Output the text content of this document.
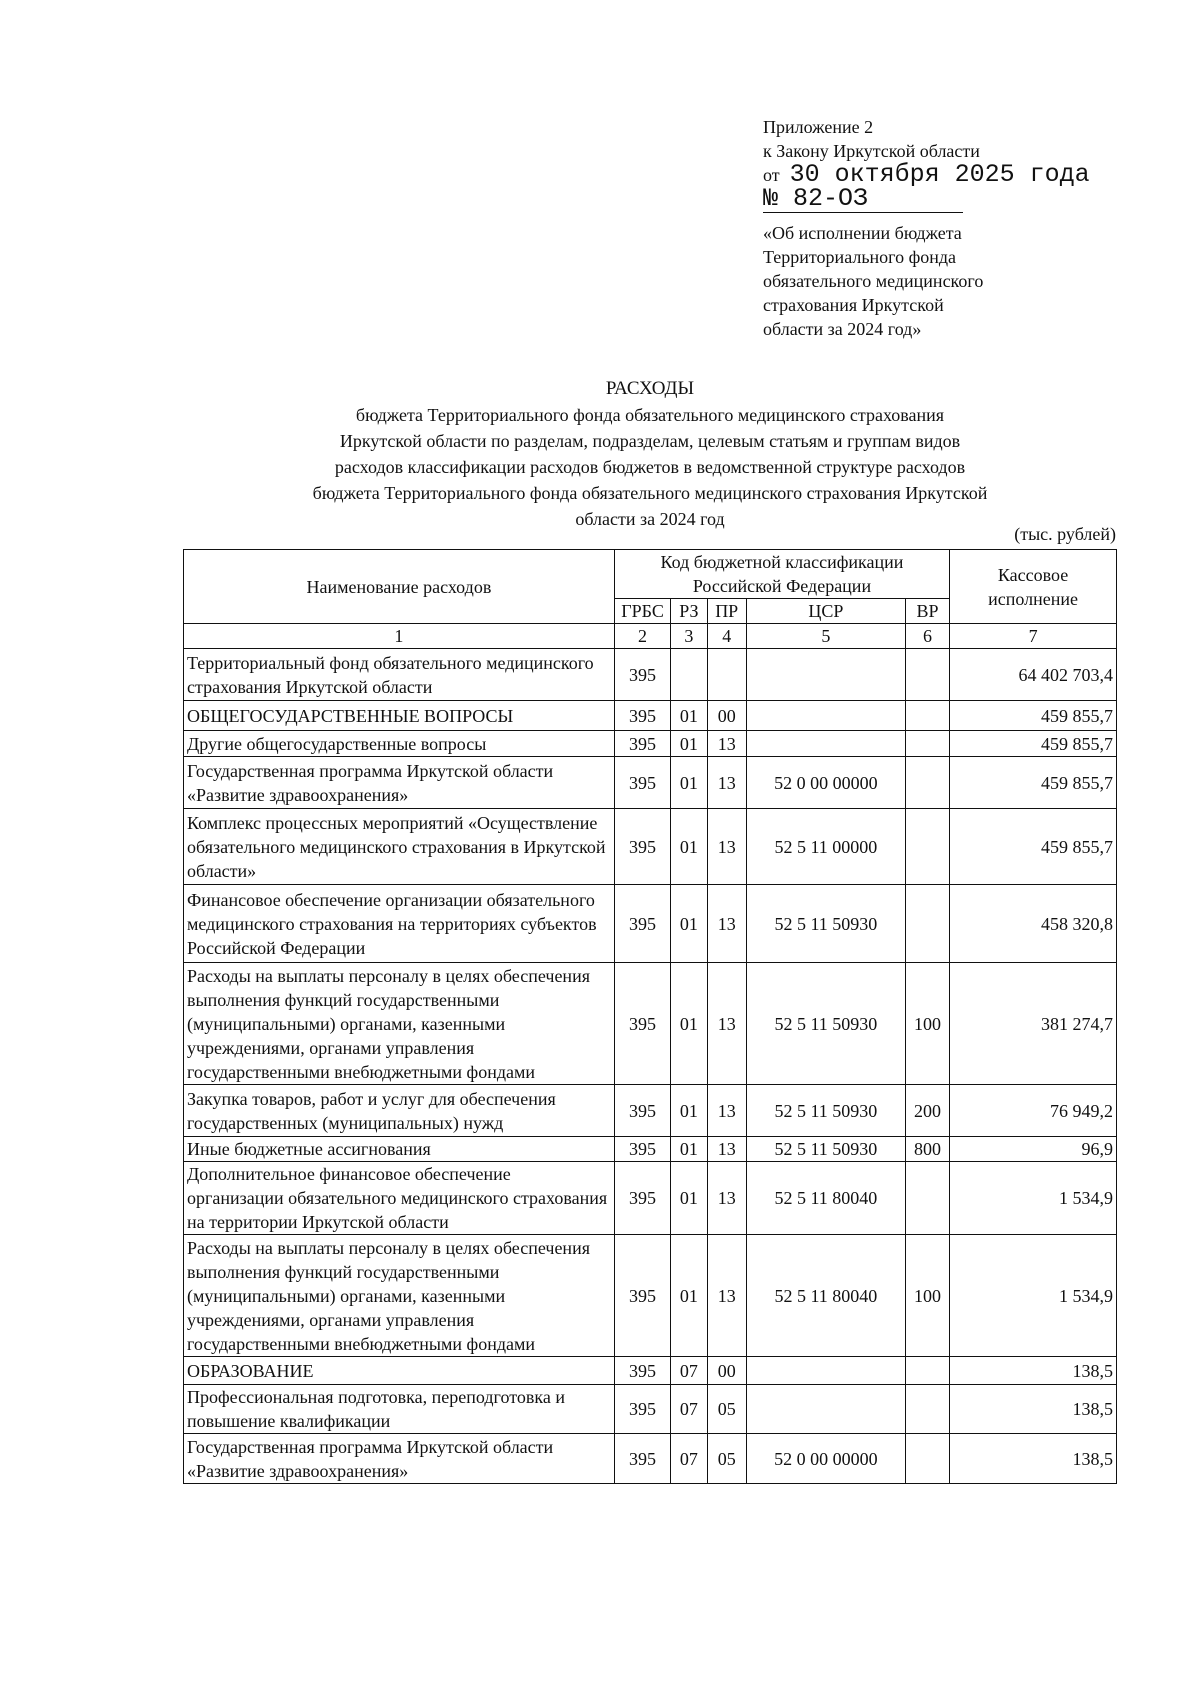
Приложение 2
к Закону Иркутской области
от 30 октября 2025 года
№ 82-ОЗ
«Об исполнении бюджета
Территориального фонда
обязательного медицинского
страхования Иркутской
области за 2024 год»
РАСХОДЫ
бюджета Территориального фонда обязательного медицинского страхования
Иркутской области по разделам, подразделам, целевым статьям и группам видов
расходов классификации расходов бюджетов в ведомственной структуре расходов
бюджета Территориального фонда обязательного медицинского страхования Иркутской
области за 2024 год
(тыс. рублей)
Наименование расходов	Код бюджетной классификации Российской Федерации					Кассовое исполнение
	ГРБС	РЗ	ПР	ЦСР	ВР	
1	2	3	4	5	6	7
Территориальный фонд обязательного медицинского страхования Иркутской области	395					64 402 703,4
ОБЩЕГОСУДАРСТВЕННЫЕ ВОПРОСЫ	395	01	00			459 855,7
Другие общегосударственные вопросы	395	01	13			459 855,7
Государственная программа Иркутской области «Развитие здравоохранения»	395	01	13	52 0 00 00000		459 855,7
Комплекс процессных мероприятий «Осуществление обязательного медицинского страхования в Иркутской области»	395	01	13	52 5 11 00000		459 855,7
Финансовое обеспечение организации обязательного медицинского страхования на территориях субъектов Российской Федерации	395	01	13	52 5 11 50930		458 320,8
Расходы на выплаты персоналу в целях обеспечения выполнения функций государственными (муниципальными) органами, казенными учреждениями, органами управления государственными внебюджетными фондами	395	01	13	52 5 11 50930	100	381 274,7
Закупка товаров, работ и услуг для обеспечения государственных (муниципальных) нужд	395	01	13	52 5 11 50930	200	76 949,2
Иные бюджетные ассигнования	395	01	13	52 5 11 50930	800	96,9
Дополнительное финансовое обеспечение организации обязательного медицинского страхования на территории Иркутской области	395	01	13	52 5 11 80040		1 534,9
Расходы на выплаты персоналу в целях обеспечения выполнения функций государственными (муниципальными) органами, казенными учреждениями, органами управления государственными внебюджетными фондами	395	01	13	52 5 11 80040	100	1 534,9
ОБРАЗОВАНИЕ	395	07	00			138,5
Профессиональная подготовка, переподготовка и повышение квалификации	395	07	05			138,5
Государственная программа Иркутской области «Развитие здравоохранения»	395	07	05	52 0 00 00000		138,5
